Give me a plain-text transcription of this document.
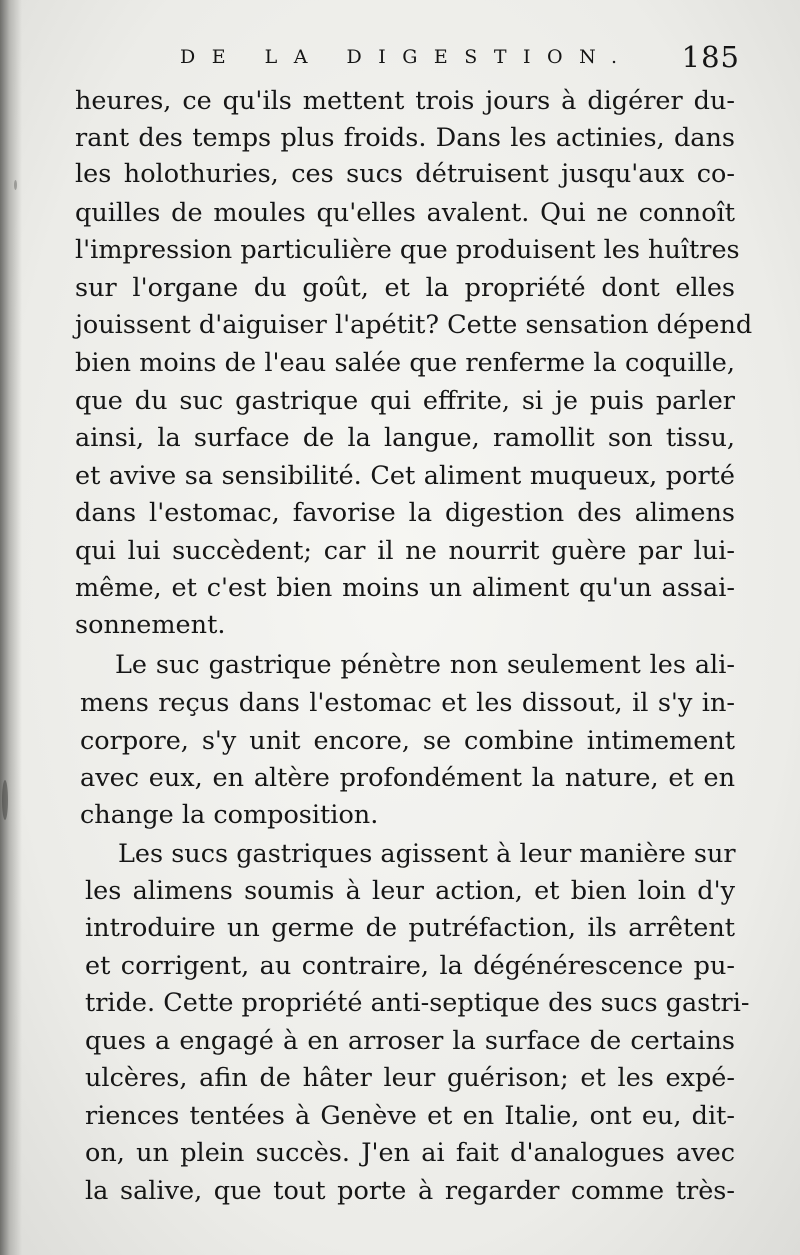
DE LA DIGESTION. 185
heures, ce qu'ils mettent trois jours à digérer du-
rant des temps plus froids. Dans les actinies, dans
les holothuries, ces sucs détruisent jusqu'aux co-
quilles de moules qu'elles avalent. Qui ne connoît
l'impression particulière que produisent les huîtres
sur l'organe du goût, et la propriété dont elles
jouissent d'aiguiser l'apétit? Cette sensation dépend
bien moins de l'eau salée que renferme la coquille,
que du suc gastrique qui effrite, si je puis parler
ainsi, la surface de la langue, ramollit son tissu,
et avive sa sensibilité. Cet aliment muqueux, porté
dans l'estomac, favorise la digestion des alimens
qui lui succèdent; car il ne nourrit guère par lui-
même, et c'est bien moins un aliment qu'un assai-
sonnement.
Le suc gastrique pénètre non seulement les ali-
mens reçus dans l'estomac et les dissout, il s'y in-
corpore, s'y unit encore, se combine intimement
avec eux, en altère profondément la nature, et en
change la composition.
Les sucs gastriques agissent à leur manière sur
les alimens soumis à leur action, et bien loin d'y
introduire un germe de putréfaction, ils arrêtent
et corrigent, au contraire, la dégénérescence pu-
tride. Cette propriété anti-septique des sucs gastri-
ques a engagé à en arroser la surface de certains
ulcères, afin de hâter leur guérison; et les expé-
riences tentées à Genève et en Italie, ont eu, dit-
on, un plein succès. J'en ai fait d'analogues avec
la salive, que tout porte à regarder comme très-
